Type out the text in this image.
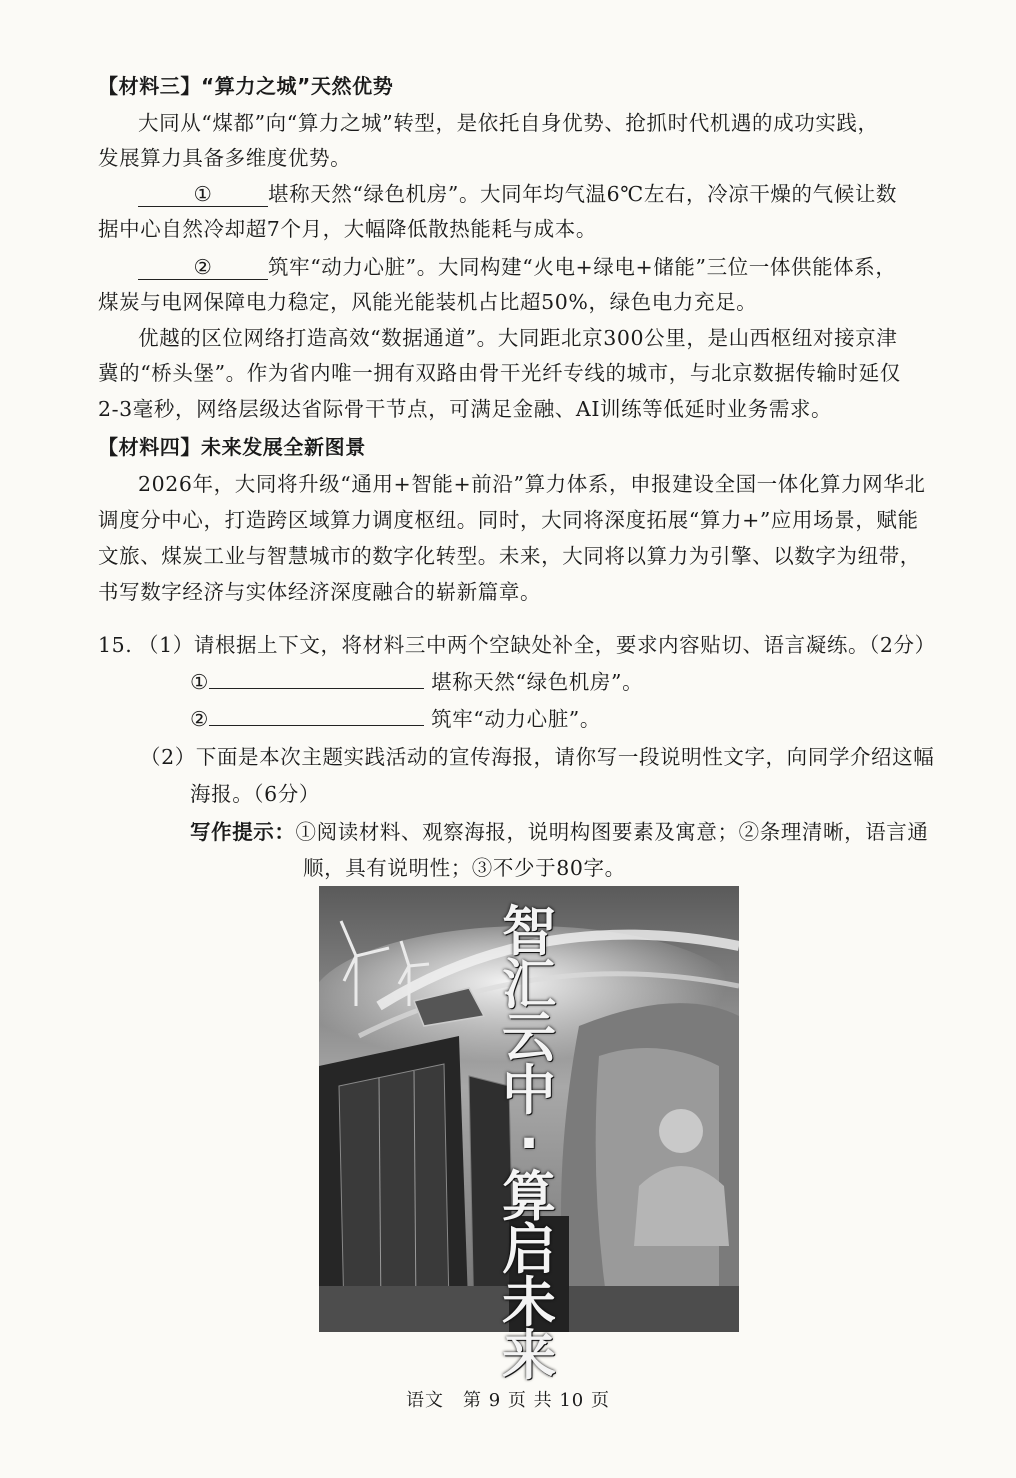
【材料三】“算力之城”天然优势
大同从“煤都”向“算力之城”转型，是依托自身优势、抢抓时代机遇的成功实践，
发展算力具备多维度优势。
①	堪称天然“绿色机房”。大同年均气温6℃左右，冷凉干燥的气候让数
据中心自然冷却超7个月，大幅降低散热能耗与成本。
②	筑牢“动力心脏”。大同构建“火电+绿电+储能”三位一体供能体系，
煤炭与电网保障电力稳定，风能光能装机占比超50%，绿色电力充足。
优越的区位网络打造高效“数据通道”。大同距北京300公里，是山西枢纽对接京津
冀的“桥头堡”。作为省内唯一拥有双路由骨干光纤专线的城市，与北京数据传输时延仅
2-3毫秒，网络层级达省际骨干节点，可满足金融、AI训练等低延时业务需求。
【材料四】未来发展全新图景
2026年，大同将升级“通用+智能+前沿”算力体系，申报建设全国一体化算力网华北
调度分中心，打造跨区域算力调度枢纽。同时，大同将深度拓展“算力+”应用场景，赋能
文旅、煤炭工业与智慧城市的数字化转型。未来，大同将以算力为引擎、以数字为纽带，
书写数字经济与实体经济深度融合的崭新篇章。
15. （1）请根据上下文，将材料三中两个空缺处补全，要求内容贴切、语言凝练。（2分）
①	堪称天然“绿色机房”。
②	筑牢“动力心脏”。
（2）下面是本次主题实践活动的宣传海报，请你写一段说明性文字，向同学介绍这幅
海报。（6分）
写作提示：①阅读材料、观察海报，说明构图要素及寓意；②条理清晰，语言通
顺，具有说明性；③不少于80字。
智汇云中·算启未来
语文　第 9 页 共 10 页
